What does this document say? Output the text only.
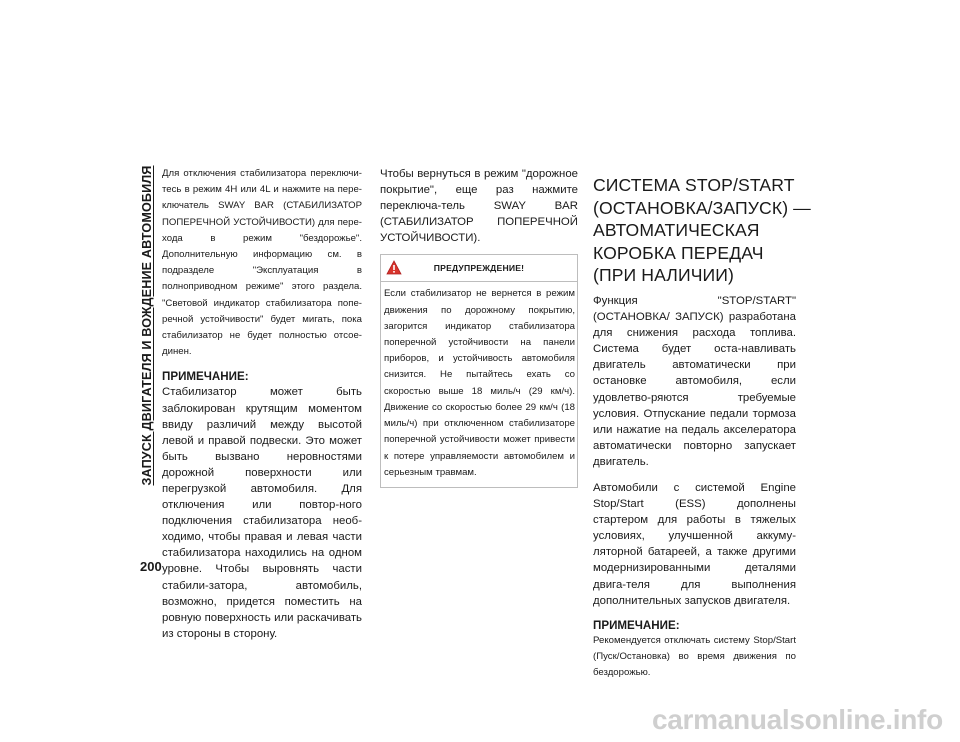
ЗАПУСК ДВИГАТЕЛЯ И ВОЖДЕНИЕ АВТОМОБИЛЯ
200

Для отключения стабилизатора переключи-тесь в режим 4H или 4L и нажмите на пере-ключатель SWAY BAR (СТАБИЛИЗАТОР ПОПЕРЕЧНОЙ УСТОЙЧИВОСТИ) для пере-хода в режим "бездорожье". Дополнительную информацию см. в подразделе "Эксплуатация в полноприводном режиме" этого раздела. "Световой индикатор стабилизатора попе-речной устойчивости" будет мигать, пока стабилизатор не будет полностью отсое-динен.

ПРИМЕЧАНИЕ:

Стабилизатор может быть заблокирован крутящим моментом ввиду различий между высотой левой и правой подвески. Это может быть вызвано неровностями дорожной поверхности или перегрузкой автомобиля. Для отключения или повтор-ного подключения стабилизатора необ-ходимо, чтобы правая и левая части стабилизатора находились на одном уровне. Чтобы выровнять части стабили-затора, автомобиль, возможно, придется поместить на ровную поверхность или раскачивать из стороны в сторону.

Чтобы вернуться в режим "дорожное покрытие", еще раз нажмите переключа-тель SWAY BAR (СТАБИЛИЗАТОР ПОПЕРЕЧНОЙ УСТОЙЧИВОСТИ).

ПРЕДУПРЕЖДЕНИЕ!

Если стабилизатор не вернется в режим движения по дорожному покрытию, загорится индикатор стабилизатора поперечной устойчивости на панели приборов, и устойчивость автомобиля снизится. Не пытайтесь ехать со скоростью выше 18 миль/ч (29 км/ч). Движение со скоростью более 29 км/ч (18 миль/ч) при отключенном стабилизаторе поперечной устойчивости может привести к потере управляемости автомобилем и серьезным травмам.

СИСТЕМА STOP/START
(ОСТАНОВКА/ЗАПУСК) —
АВТОМАТИЧЕСКАЯ
КОРОБКА ПЕРЕДАЧ
(ПРИ НАЛИЧИИ)

Функция "STOP/START" (ОСТАНОВКА/ ЗАПУСК) разработана для снижения расхода топлива. Система будет оста-навливать двигатель автоматически при остановке автомобиля, если удовлетво-ряются требуемые условия. Отпускание педали тормоза или нажатие на педаль акселератора автоматически повторно запускает двигатель.

Автомобили с системой Engine Stop/Start (ESS) дополнены стартером для работы в тяжелых условиях, улучшенной аккуму-ляторной батареей, а также другими модернизированными деталями двига-теля для выполнения дополнительных запусков двигателя.

ПРИМЕЧАНИЕ:

Рекомендуется отключать систему Stop/Start (Пуск/Остановка) во время движения по бездорожью.

carmanualsonline.info
